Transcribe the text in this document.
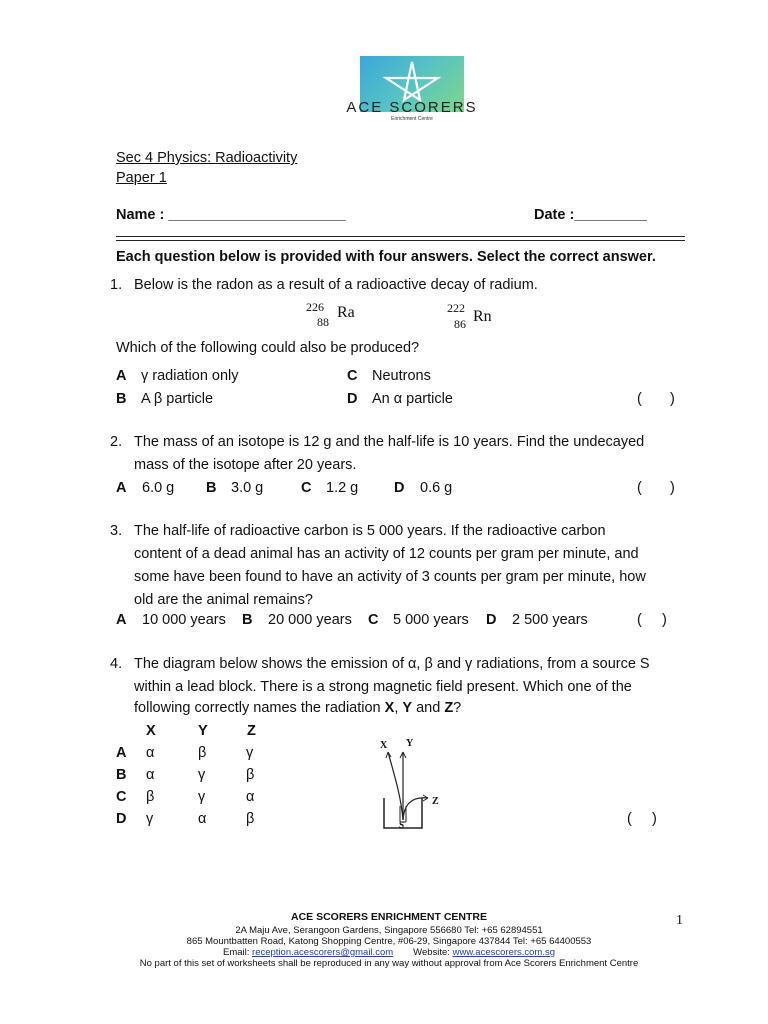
ACE SCORERS
Enrichment Centre
Sec 4 Physics: Radioactivity
Paper 1
Name : ______________________	Date :_________
Each question below is provided with four answers. Select the correct answer.
1. Below is the radon as a result of a radioactive decay of radium.
226
88
Ra	222
86 Rn
Which of the following could also be produced?
A γ radiation only	C Neutrons
B A β particle	D An α particle	(       )
2. The mass of an isotope is 12 g and the half-life is 10 years. Find the undecayed
mass of the isotope after 20 years.
A 6.0 g B 3.0 g	C 1.2 g D 0.6 g	(       )
3. The half-life of radioactive carbon is 5 000 years. If the radioactive carbon
content of a dead animal has an activity of 12 counts per gram per minute, and
some have been found to have an activity of 3 counts per gram per minute, how
old are the animal remains?
A 10 000 years B 20 000 years C 5 000 years D 2 500 years	(     )
4. The diagram below shows the emission of α, β and γ radiations, from a source S
within a lead block. There is a strong magnetic field present. Which one of the
following correctly names the radiation X, Y and Z?
X	Y	Z
A α	β	γ
B α	γ	β
C β	γ	α
D γ	α	β
X Y
Z
S	(     )
ACE SCORERS ENRICHMENT CENTRE	1
2A Maju Ave, Serangoon Gardens, Singapore 556680 Tel: +65 62894551
865 Mountbatten Road, Katong Shopping Centre, #06-29, Singapore 437844 Tel: +65 64400553
Email: reception.acescorers@gmail.com Website: www.acescorers.com.sg
No part of this set of worksheets shall be reproduced in any way without approval from Ace Scorers Enrichment Centre
